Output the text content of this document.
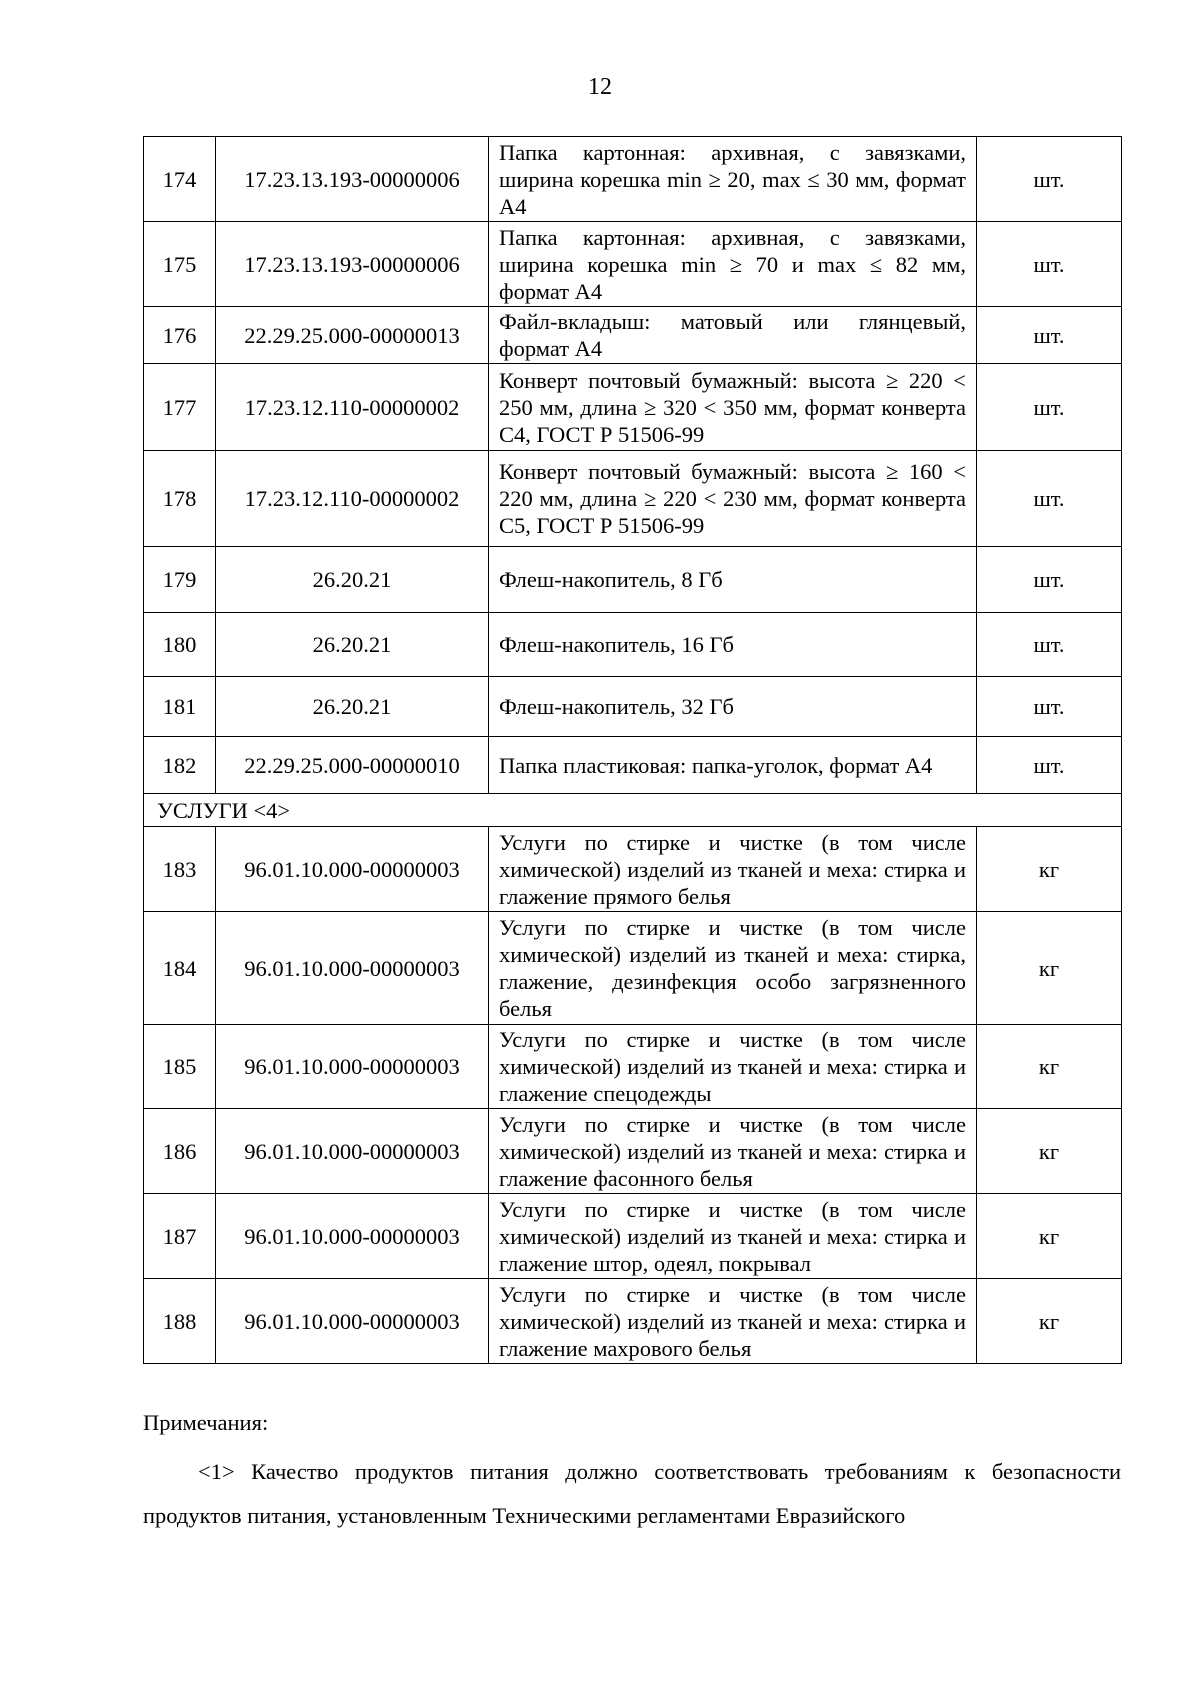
12
174	17.23.13.193-00000006	Папка картонная: архивная, с завязками, ширина корешка min ≥ 20, max ≤ 30 мм, формат А4	шт.
175	17.23.13.193-00000006	Папка картонная: архивная, с завязками, ширина корешка min ≥ 70 и max ≤ 82 мм, формат А4	шт.
176	22.29.25.000-00000013	Файл-вкладыш: матовый или глянцевый, формат А4	шт.
177	17.23.12.110-00000002	Конверт почтовый бумажный: высота ≥ 220 < 250 мм, длина ≥ 320 < 350 мм, формат конверта С4, ГОСТ Р 51506-99	шт.
178	17.23.12.110-00000002	Конверт почтовый бумажный: высота ≥ 160 < 220 мм, длина ≥ 220 < 230 мм, формат конверта С5, ГОСТ Р 51506-99	шт.
179	26.20.21	Флеш-накопитель, 8 Гб	шт.
180	26.20.21	Флеш-накопитель, 16 Гб	шт.
181	26.20.21	Флеш-накопитель, 32 Гб	шт.
182	22.29.25.000-00000010	Папка пластиковая: папка-уголок, формат А4	шт.
УСЛУГИ <4>			
183	96.01.10.000-00000003	Услуги по стирке и чистке (в том числе химической) изделий из тканей и меха: стирка и глажение прямого белья	кг
184	96.01.10.000-00000003	Услуги по стирке и чистке (в том числе химической) изделий из тканей и меха: стирка, глажение, дезинфекция особо загрязненного белья	кг
185	96.01.10.000-00000003	Услуги по стирке и чистке (в том числе химической) изделий из тканей и меха: стирка и глажение спецодежды	кг
186	96.01.10.000-00000003	Услуги по стирке и чистке (в том числе химической) изделий из тканей и меха: стирка и глажение фасонного белья	кг
187	96.01.10.000-00000003	Услуги по стирке и чистке (в том числе химической) изделий из тканей и меха: стирка и глажение штор, одеял, покрывал	кг
188	96.01.10.000-00000003	Услуги по стирке и чистке (в том числе химической) изделий из тканей и меха: стирка и глажение махрового белья	кг
Примечания:
<1> Качество продуктов питания должно соответствовать требованиям к безопасности продуктов питания, установленным Техническими регламентами Евразийского
